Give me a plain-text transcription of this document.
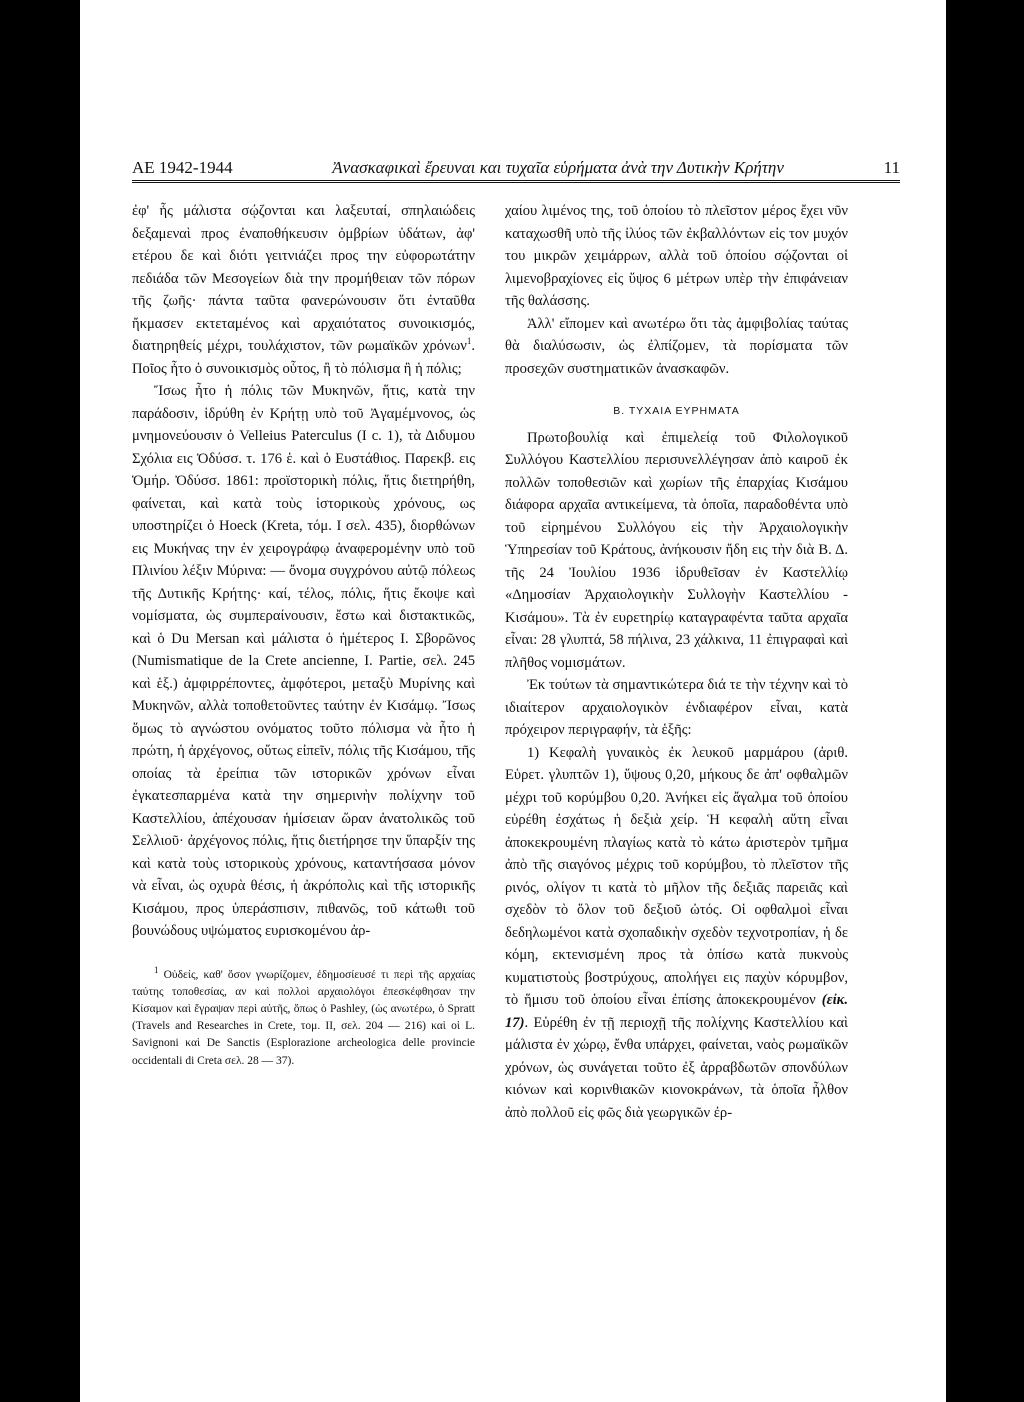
ΑΕ 1942-1944	Ἀνασκαφικαὶ ἔρευναι και τυχαῖα εὑρήματα ἀνὰ την Δυτικὴν Κρήτην	11

ἐφ' ἧς μάλιστα σῴζονται και λαξευταί, σπηλαιώδεις δεξαμεναὶ προς ἐναποθήκευσιν ὀμβρίων ὑδάτων, ἀφ' ετέρου δε καὶ διότι γειτνιάζει προς την εὐφορωτάτην πεδιάδα τῶν Μεσογείων διὰ την προμήθειαν τῶν πόρων τῆς ζωῆς· πάντα ταῦτα φανερώνουσιν ὅτι ἐνταῦθα ἤκμασεν εκτεταμένος καὶ αρχαιότατος συνοικισμός, διατηρηθείς μέχρι, τουλάχιστον, τῶν ρωμαϊκῶν χρόνων$^1$. Ποῖος ἦτο ὁ συνοικισμὸς οὗτος, ἢ τὸ πόλισμα ἢ ἡ πόλις;

Ἴσως ἦτο ἡ πόλις τῶν Μυκηνῶν, ἥτις, κατὰ την παράδοσιν, ἱδρύθη ἐν Κρήτῃ υπὸ τοῦ Ἀγαμέμνονος, ὡς μνημονεύουσιν ὁ Velleius Paterculus (I c. 1), τὰ Διδυμου Σχόλια εις Ὀδύσσ. τ. 176 ἑ. καὶ ὁ Ευστάθιος. Παρεκβ. εις Ὁμήρ. Ὀδύσσ. 1861: προϊστορικὴ πόλις, ἥτις διετηρήθη, φαίνεται, καὶ κατὰ τοὺς ἱστορικοὺς χρόνους, ως υποστηρίζει ὁ Hoeck (Kreta, τόμ. I σελ. 435), διορθώνων εις Μυκήνας την ἐν χειρογράφῳ ἀναφερομένην υπὸ τοῦ Πλινίου λέξιν Μύρινα: — ὄνομα συγχρόνου αὐτῷ πόλεως τῆς Δυτικῆς Κρήτης· καί, τέλος, πόλις, ἥτις ἔκοψε καὶ νομίσματα, ὡς συμπεραίνουσιν, ἔστω καὶ διστακτικῶς, καὶ ὁ Du Mersan καὶ μάλιστα ὁ ἡμέτερος I. Σβορῶνος (Numismatique de la Crete ancienne, I. Partie, σελ. 245 καὶ ἑξ.) ἀμφιρρέποντες, ἀμφότεροι, μεταξὺ Μυρίνης καὶ Μυκηνῶν, αλλὰ τοποθετοῦντες ταύτην ἐν Κισάμῳ. Ἴσως ὅμως τὸ αγνώστου ονόματος τοῦτο πόλισμα νὰ ἦτο ἡ πρώτη, ἡ ἀρχέγονος, οὕτως εἰπεῖν, πόλις τῆς Κισάμου, τῆς οποίας τὰ ἐρείπια τῶν ιστορικῶν χρόνων εἶναι ἐγκατεσπαρμένα κατὰ την σημερινὴν πολίχνην τοῦ Καστελλίου, ἀπέχουσαν ἡμίσειαν ὥραν ἀνατολικῶς τοῦ Σελλιοῦ· ἀρχέγονος πόλις, ἥτις διετήρησε την ὕπαρξίν της καὶ κατὰ τοὺς ιστορικοὺς χρόνους, καταντήσασα μόνον νὰ εἶναι, ὡς οχυρὰ θέσις, ἡ ἀκρόπολις καὶ τῆς ιστορικῆς Κισάμου, προς ὑπεράσπισιν, πιθανῶς, τοῦ κάτωθι τοῦ βουνώδους υψώματος ευρισκομένου ἀρ-

$^1$ Οὐδείς, καθ' ὅσον γνωρίζομεν, ἐδημοσίευσέ τι περὶ τῆς αρχαίας ταύτης τοποθεσίας, αν καὶ πολλοὶ αρχαιολόγοι ἐπεσκέφθησαν την Κίσαμον καὶ ἔγραψαν περὶ αὐτῆς, ὅπως ὁ Pashley, (ὡς ανωτέρω, ὁ Spratt (Travels and Researches in Crete, τομ. II, σελ. 204 — 216) καὶ οἱ L. Savignoni καὶ De Sanctis (Esplorazione archeologica delle provincie occidentali di Creta σελ. 28 — 37).

χαίου λιμένος της, τοῦ ὁποίου τὸ πλεῖστον μέρος ἔχει νῦν καταχωσθῆ υπὸ τῆς ἰλύος τῶν ἐκβαλλόντων εἰς τον μυχόν του μικρῶν χειμάρρων, αλλὰ τοῦ ὁποίου σῴζονται οἱ λιμενοβραχίονες εἰς ὕψος 6 μέτρων υπὲρ τὴν ἐπιφάνειαν τῆς θαλάσσης.

Ἀλλ' εἴπομεν καὶ ανωτέρω ὅτι τὰς ἀμφιβολίας ταύτας θὰ διαλύσωσιν, ὡς ἐλπίζομεν, τὰ πορίσματα τῶν προσεχῶν συστηματικῶν ἀνασκαφῶν.

Β. ΤΥΧΑΙΑ ΕΥΡΗΜΑΤΑ

Πρωτοβουλίᾳ καὶ ἐπιμελείᾳ τοῦ Φιλολογικοῦ Συλλόγου Καστελλίου περισυνελλέγησαν ἀπὸ καιροῦ ἐκ πολλῶν τοποθεσιῶν καὶ χωρίων τῆς ἐπαρχίας Κισάμου διάφορα αρχαῖα αντικείμενα, τὰ ὁποῖα, παραδοθέντα υπὸ τοῦ εἰρημένου Συλλόγου εἰς τὴν Ἀρχαιολογικὴν Ὑπηρεσίαν τοῦ Κράτους, ἀνήκουσιν ἤδη εις τὴν διὰ Β. Δ. τῆς 24 Ἰουλίου 1936 ἱδρυθεῖσαν ἐν Καστελλίῳ «Δημοσίαν Ἀρχαιολογικὴν Συλλογὴν Καστελλίου - Κισάμου». Τὰ ἐν ευρετηρίῳ καταγραφέντα ταῦτα αρχαῖα εἶναι: 28 γλυπτά, 58 πήλινα, 23 χάλκινα, 11 ἐπιγραφαὶ καὶ πλῆθος νομισμάτων.

Ἐκ τούτων τὰ σημαντικώτερα διά τε τὴν τέχνην καὶ τὸ ιδιαίτερον αρχαιολογικὸν ἐνδιαφέρον εἶναι, κατὰ πρόχειρον περιγραφήν, τὰ ἑξῆς:

1) Κεφαλὴ γυναικὸς ἐκ λευκοῦ μαρμάρου (ἀριθ. Εὑρετ. γλυπτῶν 1), ὕψους 0,20, μήκους δε ἀπ' οφθαλμῶν μέχρι τοῦ κορύμβου 0,20. Ἀνήκει εἰς ἄγαλμα τοῦ ὁποίου εὑρέθη ἐσχάτως ἡ δεξιὰ χείρ. Ἡ κεφαλὴ αὕτη εἶναι ἀποκεκρουμένη πλαγίως κατὰ τὸ κάτω ἀριστερὸν τμῆμα ἀπὸ τῆς σιαγόνος μέχρις τοῦ κορύμβου, τὸ πλεῖστον τῆς ρινός, ολίγον τι κατὰ τὸ μῆλον τῆς δεξιᾶς παρειᾶς καὶ σχεδὸν τὸ ὅλον τοῦ δεξιοῦ ὠτός. Οἱ οφθαλμοὶ εἶναι δεδηλωμένοι κατὰ σχοπαδικὴν σχεδὸν τεχνοτροπίαν, ἡ δε κόμη, εκτενισμένη προς τὰ ὀπίσω κατὰ πυκνοὺς κυματιστοὺς βοστρύχους, απολήγει εις παχὺν κόρυμβον, τὸ ἥμισυ τοῦ ὁποίου εἶναι ἐπίσης ἀποκεκρουμένον (εἰκ. 17). Εὑρέθη ἐν τῇ περιοχῇ τῆς πολίχνης Καστελλίου καὶ μάλιστα ἐν χώρῳ, ἔνθα υπάρχει, φαίνεται, ναὸς ρωμαϊκῶν χρόνων, ὡς συνάγεται τοῦτο ἐξ ἀρραβδωτῶν σπονδύλων κιόνων καὶ κορινθιακῶν κιονοκράνων, τὰ ὁποῖα ἦλθον ἀπὸ πολλοῦ εἰς φῶς διὰ γεωργικῶν ἐρ-
